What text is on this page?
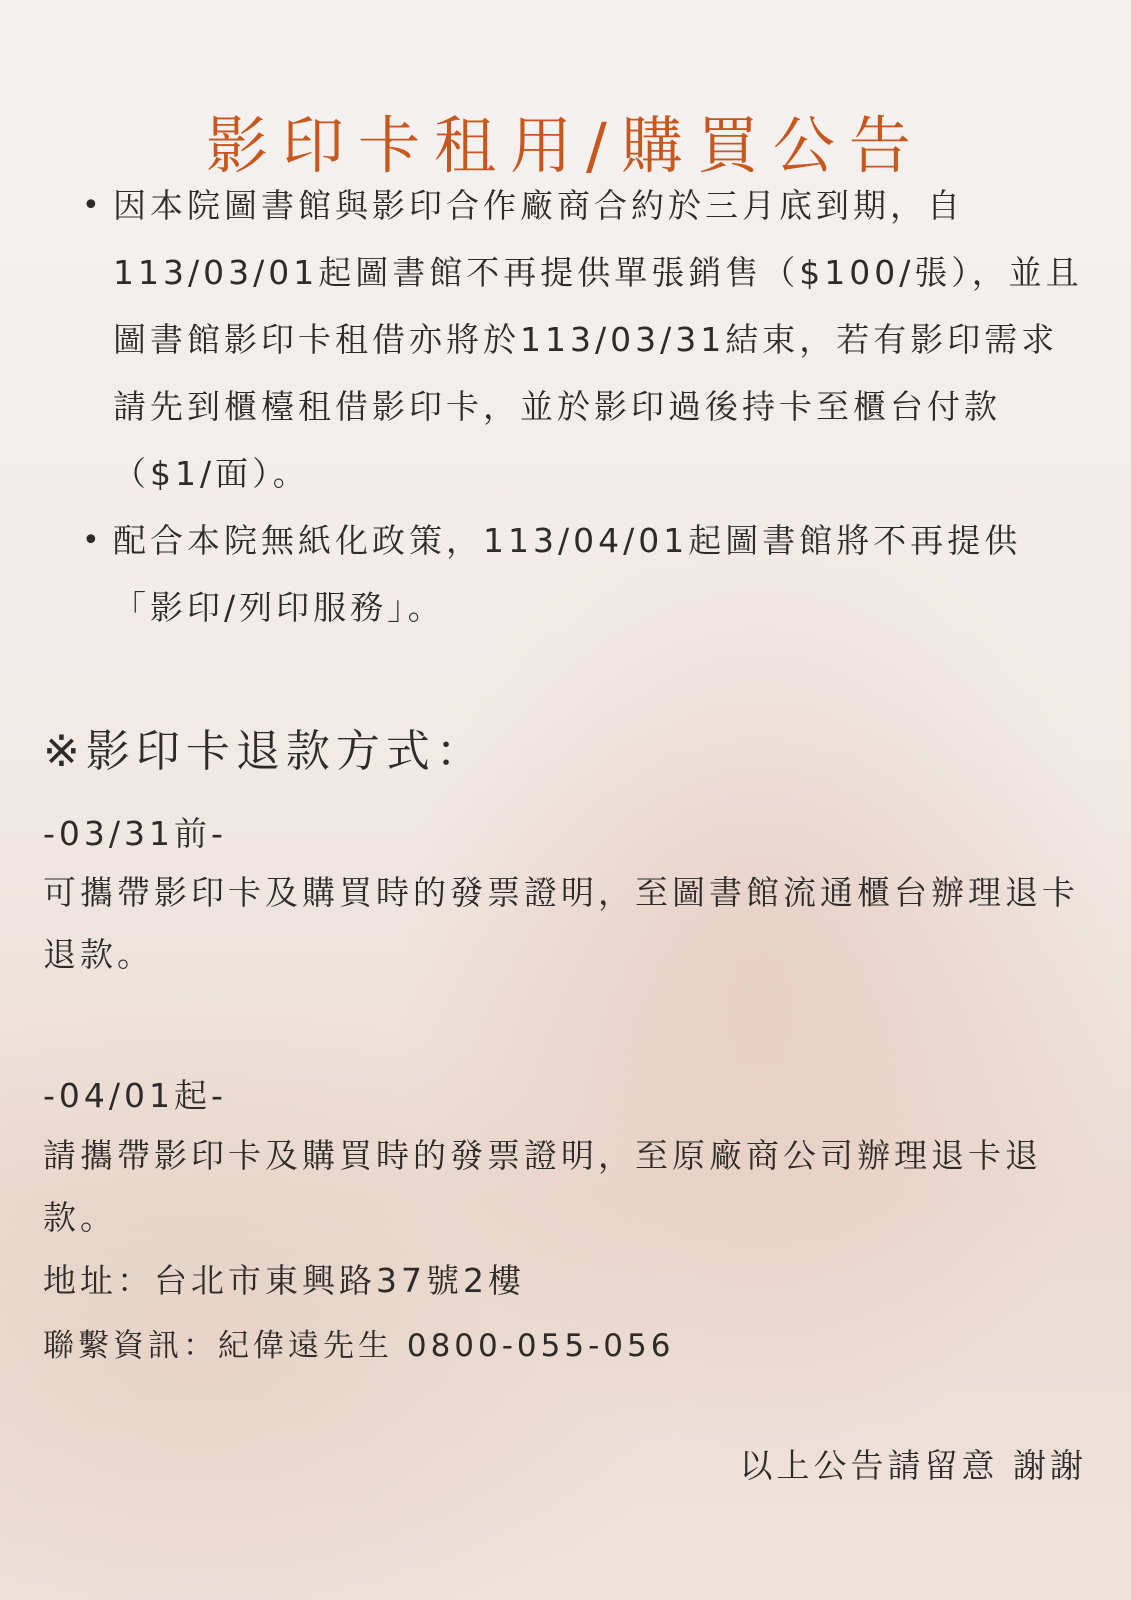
影印卡租用/購買公告
• 因本院圖書館與影印合作廠商合約於三月底到期，自113/03/01起圖書館不再提供單張銷售（$100/張），並且圖書館影印卡租借亦將於113/03/31結束，若有影印需求請先到櫃檯租借影印卡，並於影印過後持卡至櫃台付款（$1/面）。
• 配合本院無紙化政策，113/04/01起圖書館將不再提供「影印/列印服務」。
※影印卡退款方式：
-03/31前-
可攜帶影印卡及購買時的發票證明，至圖書館流通櫃台辦理退卡退款。
-04/01起-
請攜帶影印卡及購買時的發票證明，至原廠商公司辦理退卡退款。
地址：台北市東興路37號2樓
聯繫資訊：紀偉遠先生 0800-055-056
以上公告請留意 謝謝
